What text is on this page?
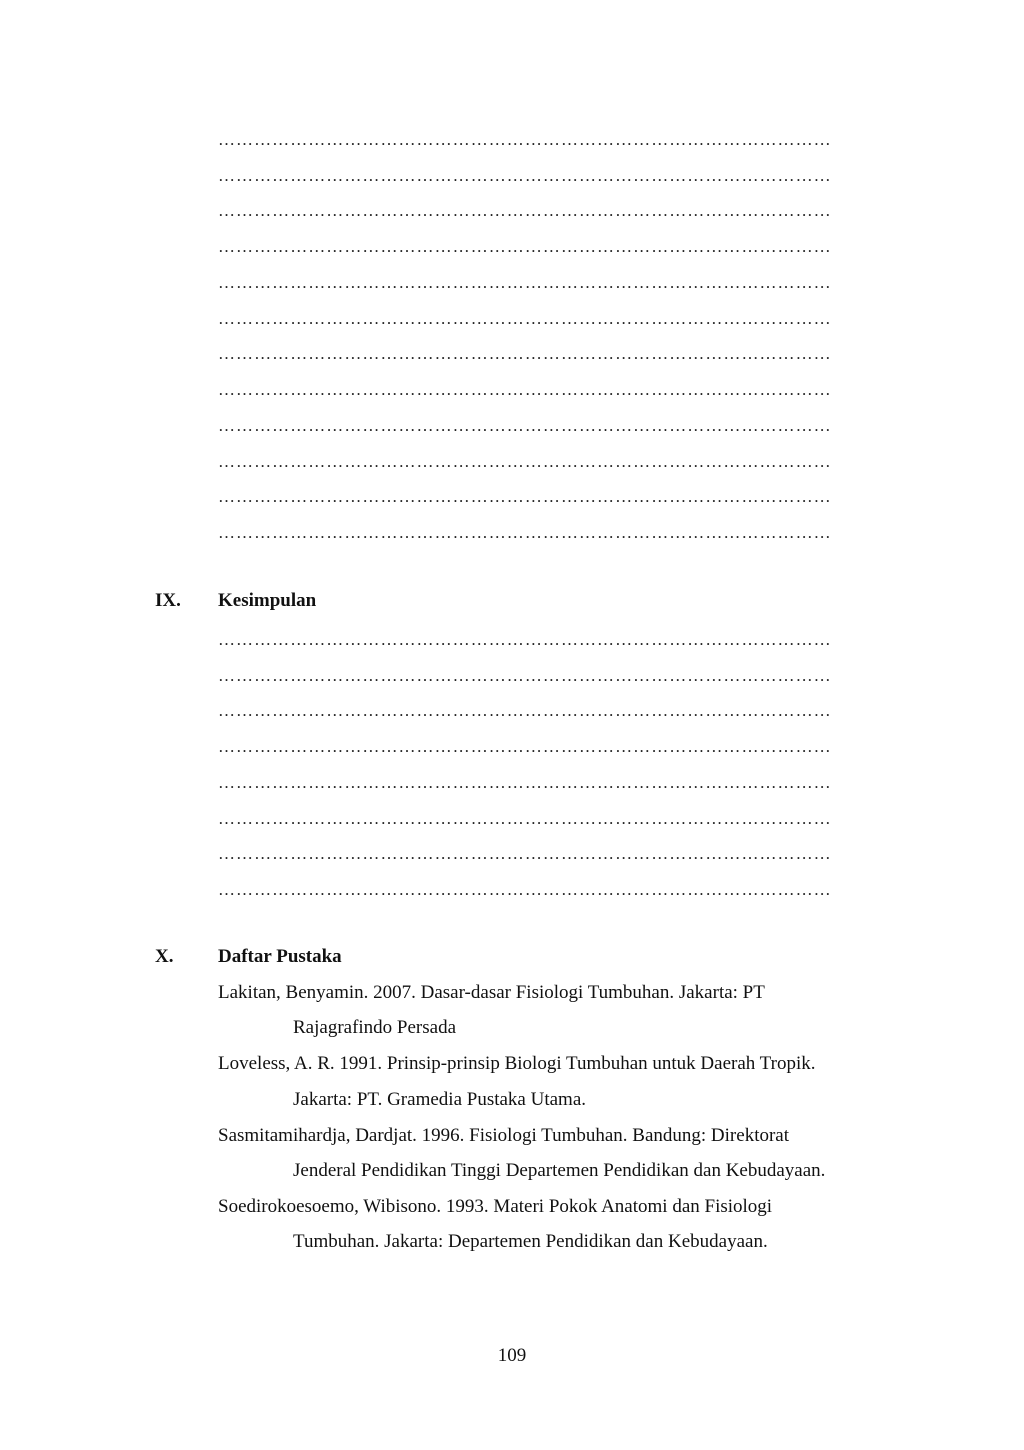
…………………………………………………………………………………………
…………………………………………………………………………………………
…………………………………………………………………………………………
…………………………………………………………………………………………
…………………………………………………………………………………………
…………………………………………………………………………………………
…………………………………………………………………………………………
…………………………………………………………………………………………
…………………………………………………………………………………………
…………………………………………………………………………………………
…………………………………………………………………………………………
…………………………………………………………………………………………
IX. Kesimpulan
…………………………………………………………………………………………
…………………………………………………………………………………………
…………………………………………………………………………………………
…………………………………………………………………………………………
…………………………………………………………………………………………
…………………………………………………………………………………………
…………………………………………………………………………………………
…………………………………………………………………………………………
X. Daftar Pustaka
Lakitan, Benyamin. 2007. Dasar-dasar Fisiologi Tumbuhan. Jakarta: PT
Rajagrafindo Persada
Loveless, A. R. 1991. Prinsip-prinsip Biologi Tumbuhan untuk Daerah Tropik.
Jakarta: PT. Gramedia Pustaka Utama.
Sasmitamihardja, Dardjat. 1996. Fisiologi Tumbuhan. Bandung: Direktorat
Jenderal Pendidikan Tinggi Departemen Pendidikan dan Kebudayaan.
Soedirokoesoemo, Wibisono. 1993. Materi Pokok Anatomi dan Fisiologi
Tumbuhan. Jakarta: Departemen Pendidikan dan Kebudayaan.
109
